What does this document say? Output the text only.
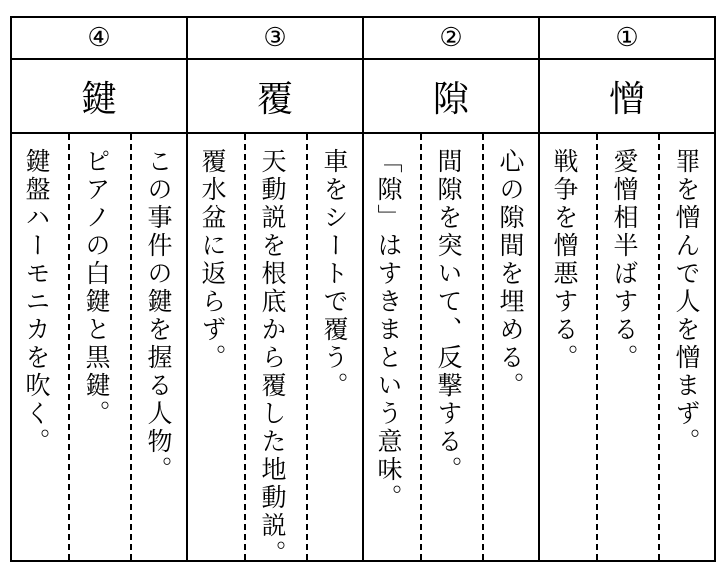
④
鍵
鍵盤ハーモニカを吹く。 ピアノの白鍵と黒鍵。 この事件の鍵を握る人物。
③
覆
覆水盆に返らず。 天動説を根底から覆した地動説。 車をシートで覆う。
②
隙
「隙」はすきまという意味。 間隙を突いて、反撃する。 心の隙間を埋める。
①
憎
戦争を憎悪する。 愛憎相半ばする。 罪を憎んで人を憎まず。
